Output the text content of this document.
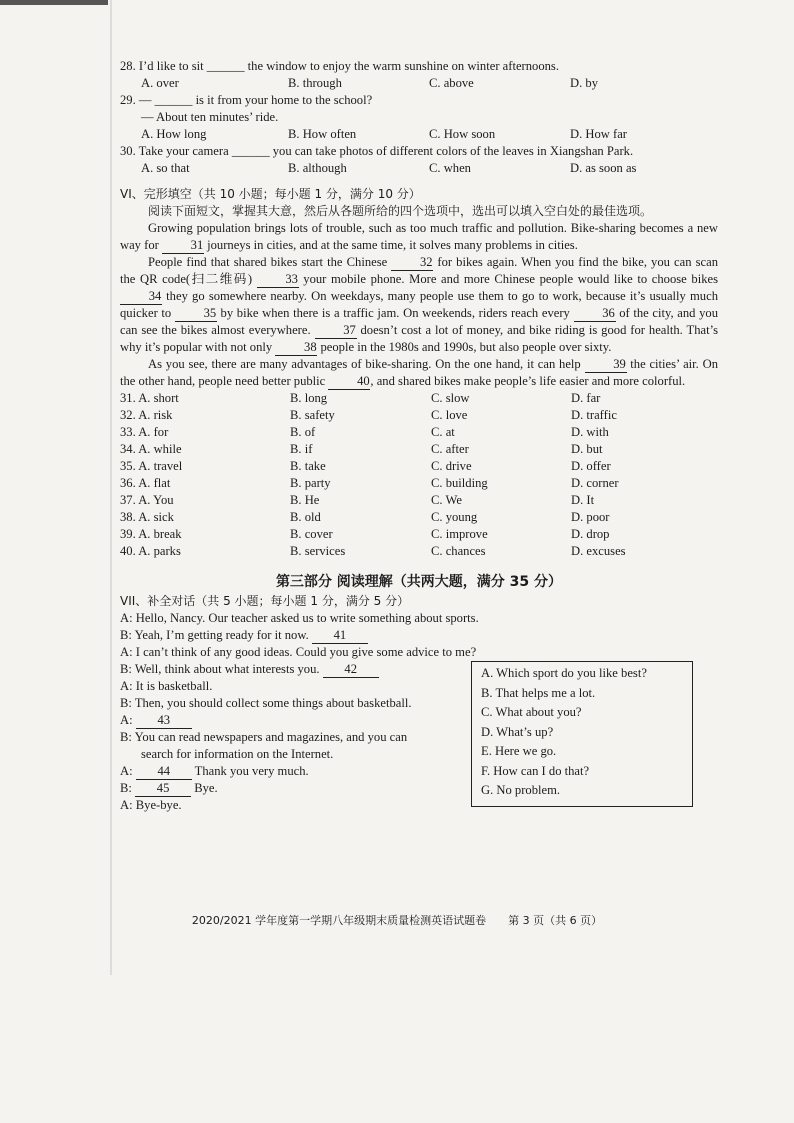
28. I’d like to sit ______ the window to enjoy the warm sunshine on winter afternoons.
A. over	B. through	C. above	D. by
29. — ______ is it from your home to the school?
— About ten minutes’ ride.
A. How long	B. How often	C. How soon	D. How far
30. Take your camera ______ you can take photos of different colors of the leaves in Xiangshan Park.
A. so that	B. although	C. when	D. as soon as
VI、完形填空（共 10 小题；每小题 1 分，满分 10 分）
阅读下面短文，掌握其大意，然后从各题所给的四个选项中，选出可以填入空白处的最佳选项。
Growing population brings lots of trouble, such as too much traffic and pollution. Bike-sharing becomes a new way for 31 journeys in cities, and at the same time, it solves many problems in cities.
People find that shared bikes start the Chinese 32 for bikes again. When you find the bike, you can scan the QR code(扫二维码) 33 your mobile phone. More and more Chinese people would like to choose bikes 34 they go somewhere nearby. On weekdays, many people use them to go to work, because it’s usually much quicker to 35 by bike when there is a traffic jam. On weekends, riders reach every 36 of the city, and you can see the bikes almost everywhere. 37 doesn’t cost a lot of money, and bike riding is good for health. That’s why it’s popular with not only 38 people in the 1980s and 1990s, but also people over sixty.
As you see, there are many advantages of bike-sharing. On the one hand, it can help 39 the cities’ air. On the other hand, people need better public 40, and shared bikes make people’s life easier and more colorful.
31. A. short	B. long	C. slow	D. far
32. A. risk	B. safety	C. love	D. traffic
33. A. for	B. of	C. at	D. with
34. A. while	B. if	C. after	D. but
35. A. travel	B. take	C. drive	D. offer
36. A. flat	B. party	C. building	D. corner
37. A. You	B. He	C. We	D. It
38. A. sick	B. old	C. young	D. poor
39. A. break	B. cover	C. improve	D. drop
40. A. parks	B. services	C. chances	D. excuses
第三部分 阅读理解（共两大题，满分 35 分）
VII、补全对话（共 5 小题；每小题 1 分，满分 5 分）
A: Hello, Nancy. Our teacher asked us to write something about sports.
B: Yeah, I’m getting ready for it now. 41
A: I can’t think of any good ideas. Could you give some advice to me?
B: Well, think about what interests you. 42
A: It is basketball.
B: Then, you should collect some things about basketball.
A: 43
B: You can read newspapers and magazines, and you can
search for information on the Internet.
A: 44 Thank you very much.
B: 45 Bye.
A: Bye-bye.
A. Which sport do you like best?
B. That helps me a lot.
C. What about you?
D. What’s up?
E. Here we go.
F. How can I do that?
G. No problem.
2020/2021 学年度第一学期八年级期末质量检测英语试题卷　　第 3 页（共 6 页）
